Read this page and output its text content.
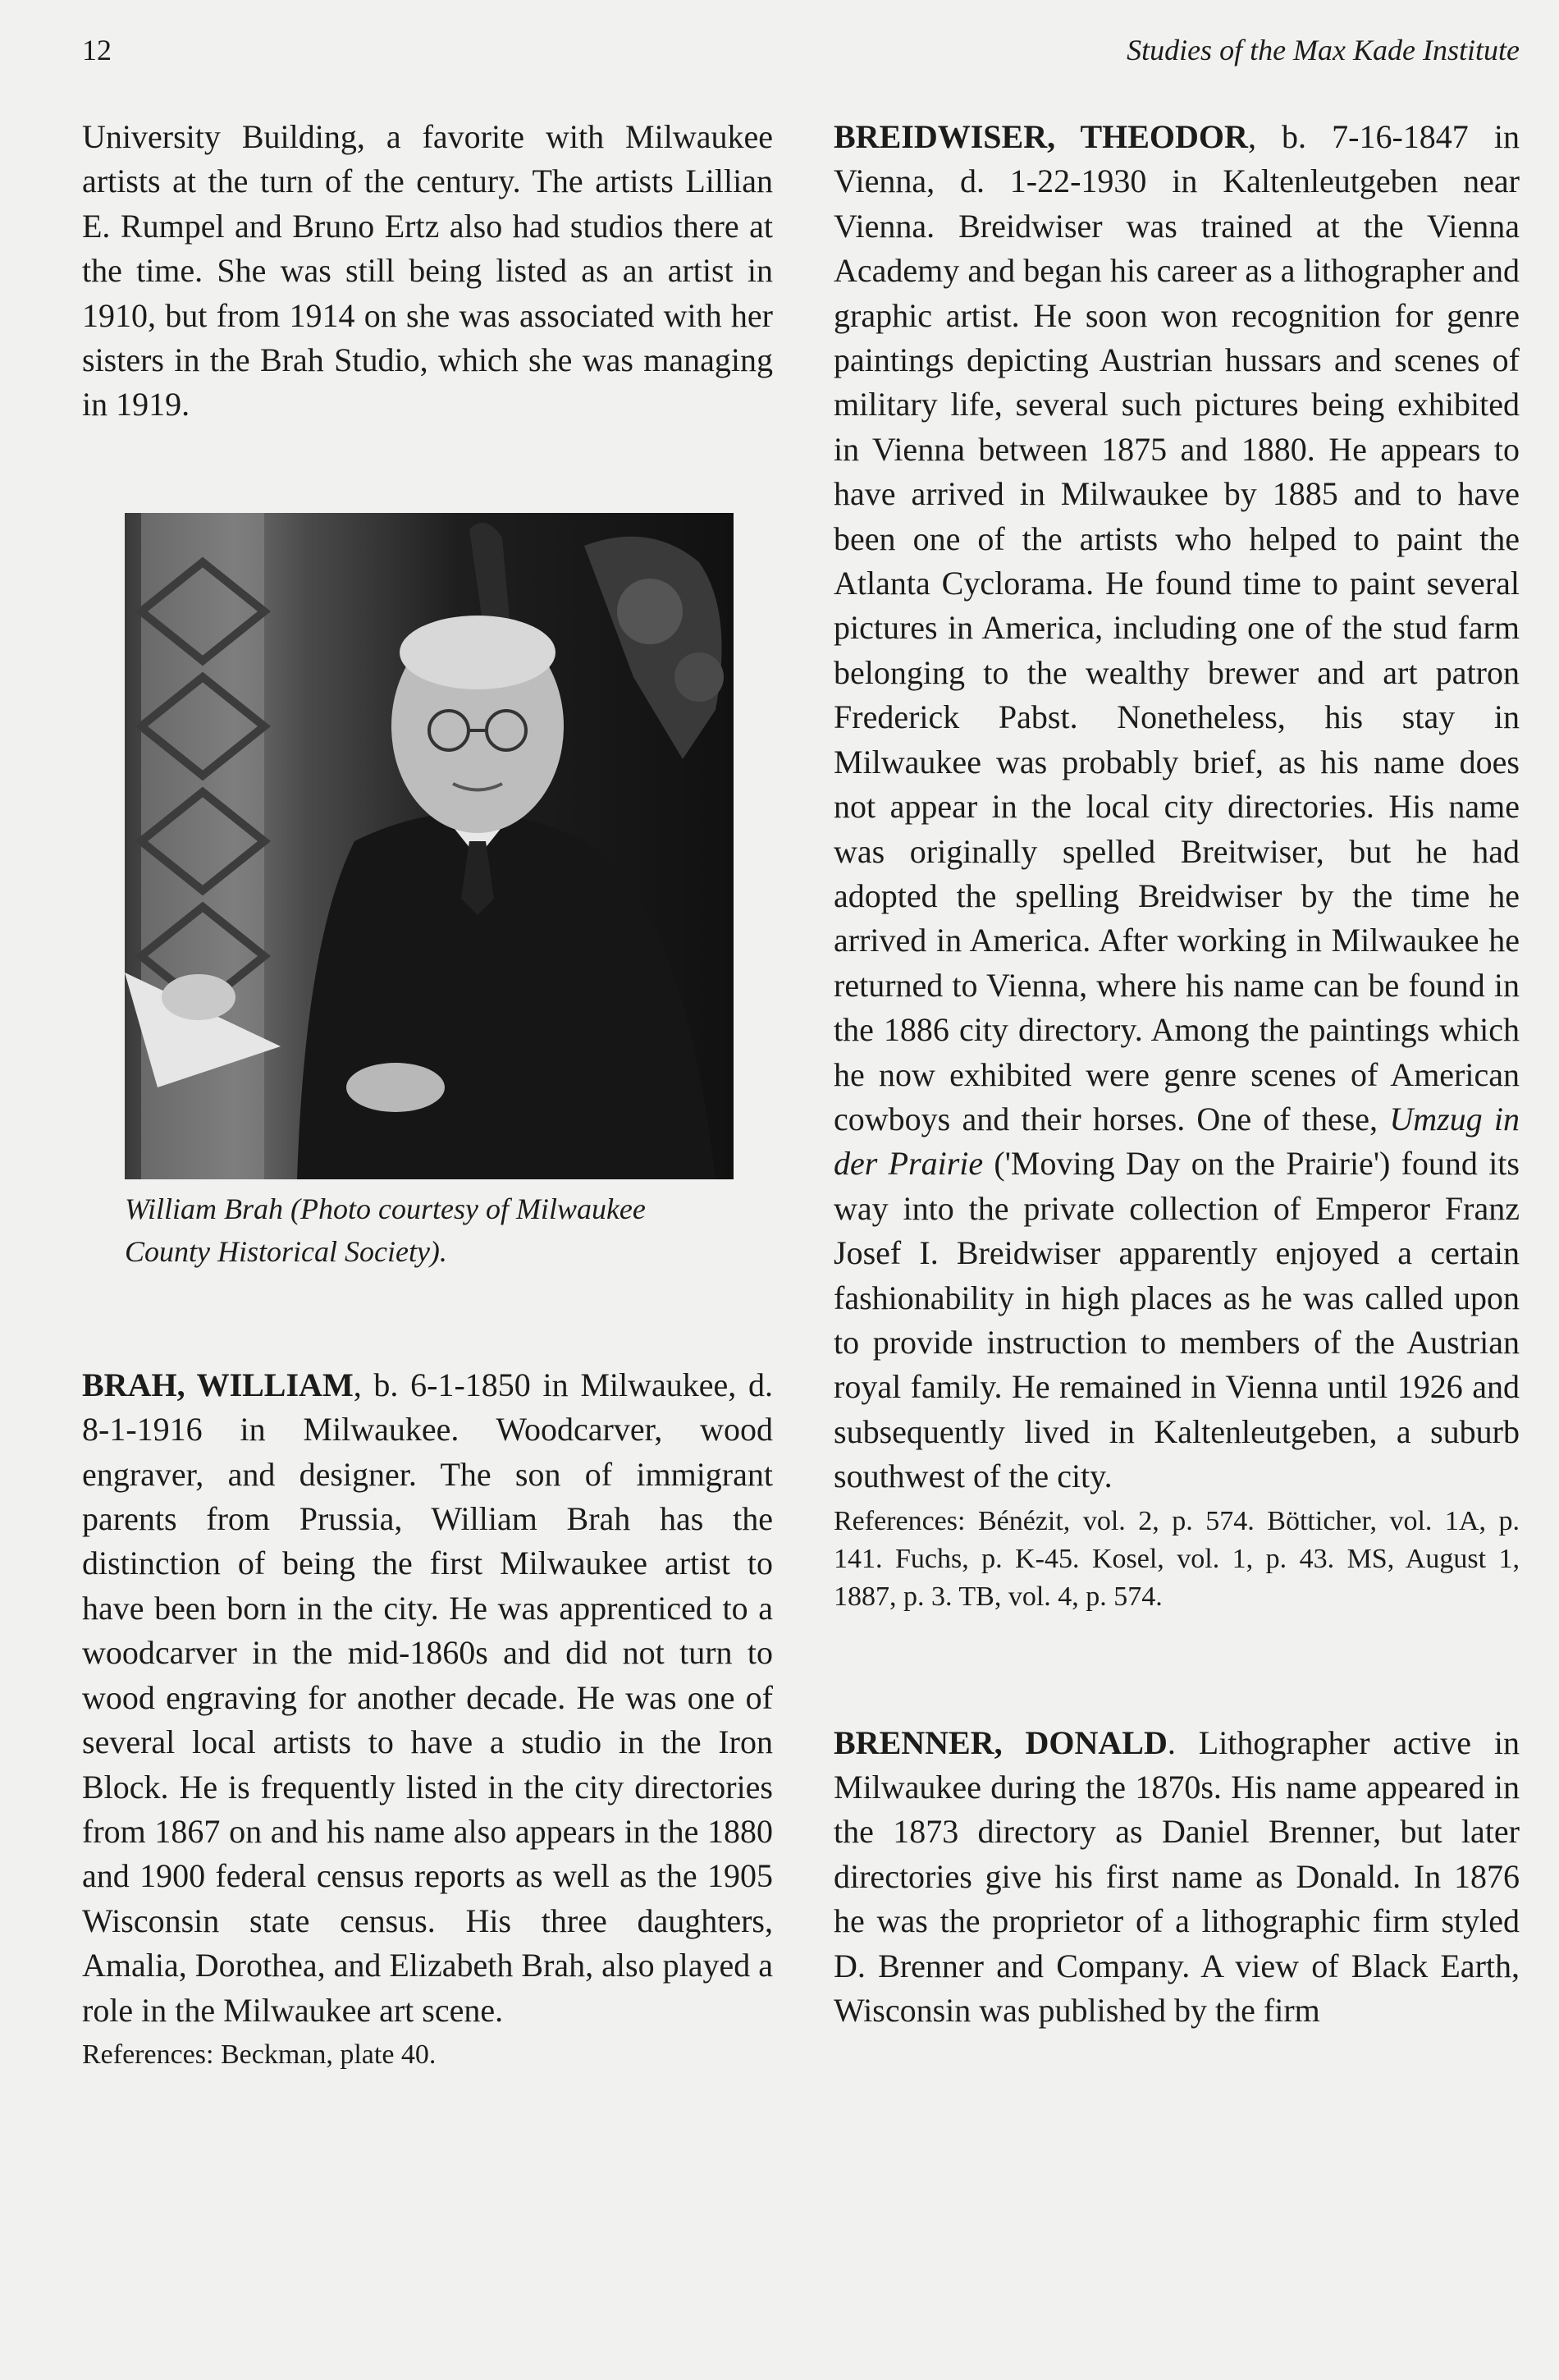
12	Studies of the Max Kade Institute

University Building, a favorite with Milwaukee artists at the turn of the century. The artists Lillian E. Rumpel and Bruno Ertz also had studios there at the time. She was still being listed as an artist in 1910, but from 1914 on she was associated with her sisters in the Brah Studio, which she was managing in 1919.

William Brah (Photo courtesy of Milwaukee County Historical Society).

BRAH, WILLIAM, b. 6-1-1850 in Milwaukee, d. 8-1-1916 in Milwaukee. Woodcarver, wood engraver, and designer. The son of immigrant parents from Prussia, William Brah has the distinction of being the first Milwaukee artist to have been born in the city. He was apprenticed to a woodcarver in the mid-1860s and did not turn to wood engraving for another decade. He was one of several local artists to have a studio in the Iron Block. He is frequently listed in the city directories from 1867 on and his name also appears in the 1880 and 1900 federal census reports as well as the 1905 Wisconsin state census. His three daughters, Amalia, Dorothea, and Elizabeth Brah, also played a role in the Milwaukee art scene.

References: Beckman, plate 40.

BREIDWISER, THEODOR, b. 7-16-1847 in Vienna, d. 1-22-1930 in Kaltenleutgeben near Vienna. Breidwiser was trained at the Vienna Academy and began his career as a lithographer and graphic artist. He soon won recognition for genre paintings depicting Austrian hussars and scenes of military life, several such pictures being exhibited in Vienna between 1875 and 1880. He appears to have arrived in Milwaukee by 1885 and to have been one of the artists who helped to paint the Atlanta Cyclorama. He found time to paint several pictures in America, including one of the stud farm belonging to the wealthy brewer and art patron Frederick Pabst. Nonetheless, his stay in Milwaukee was probably brief, as his name does not appear in the local city directories. His name was originally spelled Breitwiser, but he had adopted the spelling Breidwiser by the time he arrived in America. After working in Milwaukee he returned to Vienna, where his name can be found in the 1886 city directory. Among the paintings which he now exhibited were genre scenes of American cowboys and their horses. One of these, Umzug in der Prairie ('Moving Day on the Prairie') found its way into the private collection of Emperor Franz Josef I. Breidwiser apparently enjoyed a certain fashionability in high places as he was called upon to provide instruction to members of the Austrian royal family. He remained in Vienna until 1926 and subsequently lived in Kaltenleutgeben, a suburb southwest of the city.

References: Bénézit, vol. 2, p. 574. Bötticher, vol. 1A, p. 141. Fuchs, p. K-45. Kosel, vol. 1, p. 43. MS, August 1, 1887, p. 3. TB, vol. 4, p. 574.

BRENNER, DONALD. Lithographer active in Milwaukee during the 1870s. His name appeared in the 1873 directory as Daniel Brenner, but later directories give his first name as Donald. In 1876 he was the proprietor of a lithographic firm styled D. Brenner and Company. A view of Black Earth, Wisconsin was published by the firm
